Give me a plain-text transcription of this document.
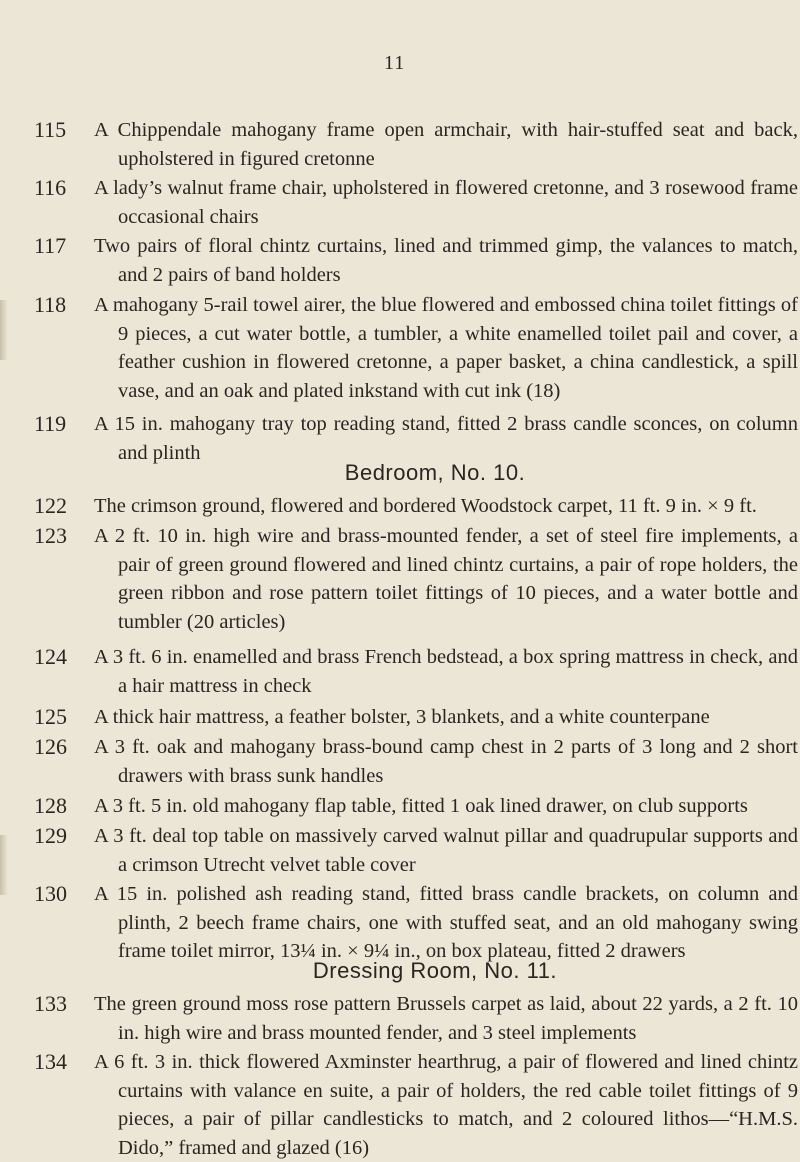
11
115	A Chippendale mahogany frame open armchair, with hair-stuffed seat and back, upholstered in figured cretonne
116	A lady’s walnut frame chair, upholstered in flowered cretonne, and 3 rosewood frame occasional chairs
117	Two pairs of floral chintz curtains, lined and trimmed gimp, the valances to match, and 2 pairs of band holders
118	A mahogany 5-rail towel airer, the blue flowered and embossed china toilet fittings of 9 pieces, a cut water bottle, a tumbler, a white enamelled toilet pail and cover, a feather cushion in flowered cretonne, a paper basket, a china candlestick, a spill vase, and an oak and plated inkstand with cut ink (18)
119	A 15 in. mahogany tray top reading stand, fitted 2 brass candle sconces, on column and plinth
Bedroom, No. 10.
122	The crimson ground, flowered and bordered Woodstock carpet, 11 ft. 9 in. × 9 ft.
123	A 2 ft. 10 in. high wire and brass-mounted fender, a set of steel fire implements, a pair of green ground flowered and lined chintz curtains, a pair of rope holders, the green ribbon and rose pattern toilet fittings of 10 pieces, and a water bottle and tumbler (20 articles)
124	A 3 ft. 6 in. enamelled and brass French bedstead, a box spring mattress in check, and a hair mattress in check
125	A thick hair mattress, a feather bolster, 3 blankets, and a white counterpane
126	A 3 ft. oak and mahogany brass-bound camp chest in 2 parts of 3 long and 2 short drawers with brass sunk handles
128	A 3 ft. 5 in. old mahogany flap table, fitted 1 oak lined drawer, on club supports
129	A 3 ft. deal top table on massively carved walnut pillar and quadrupular supports and a crimson Utrecht velvet table cover
130	A 15 in. polished ash reading stand, fitted brass candle brackets, on column and plinth, 2 beech frame chairs, one with stuffed seat, and an old mahogany swing frame toilet mirror, 13¼ in. × 9¼ in., on box plateau, fitted 2 drawers
Dressing Room, No. 11.
133	The green ground moss rose pattern Brussels carpet as laid, about 22 yards, a 2 ft. 10 in. high wire and brass mounted fender, and 3 steel implements
134	A 6 ft. 3 in. thick flowered Axminster hearthrug, a pair of flowered and lined chintz curtains with valance en suite, a pair of holders, the red cable toilet fittings of 9 pieces, a pair of pillar candlesticks to match, and 2 coloured lithos—“H.M.S. Dido,” framed and glazed (16)
